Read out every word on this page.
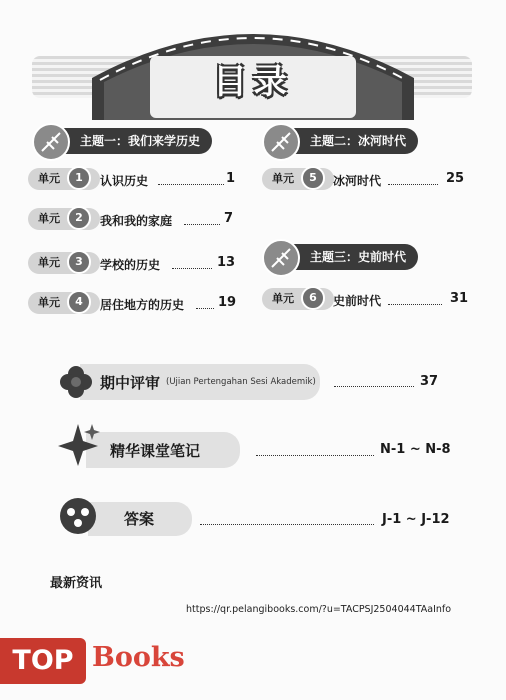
目录
主题一：我们来学历史	主题二：冰河时代
主题三：史前时代
单元	1	认识历史	1
单元	2	我和我的家庭	7
单元	3	学校的历史	13
单元	4	居住地方的历史	19
单元	5	冰河时代	25
单元	6	史前时代	31
期中评审 (Ujian Pertengahan Sesi Akademik)	37
精华课堂笔记	N-1 ~ N-8
答案	J-1 ~ J-12
最新资讯
https://qr.pelangibooks.com/?u=TACPSJ2504044TAaInfo
TOP Books
